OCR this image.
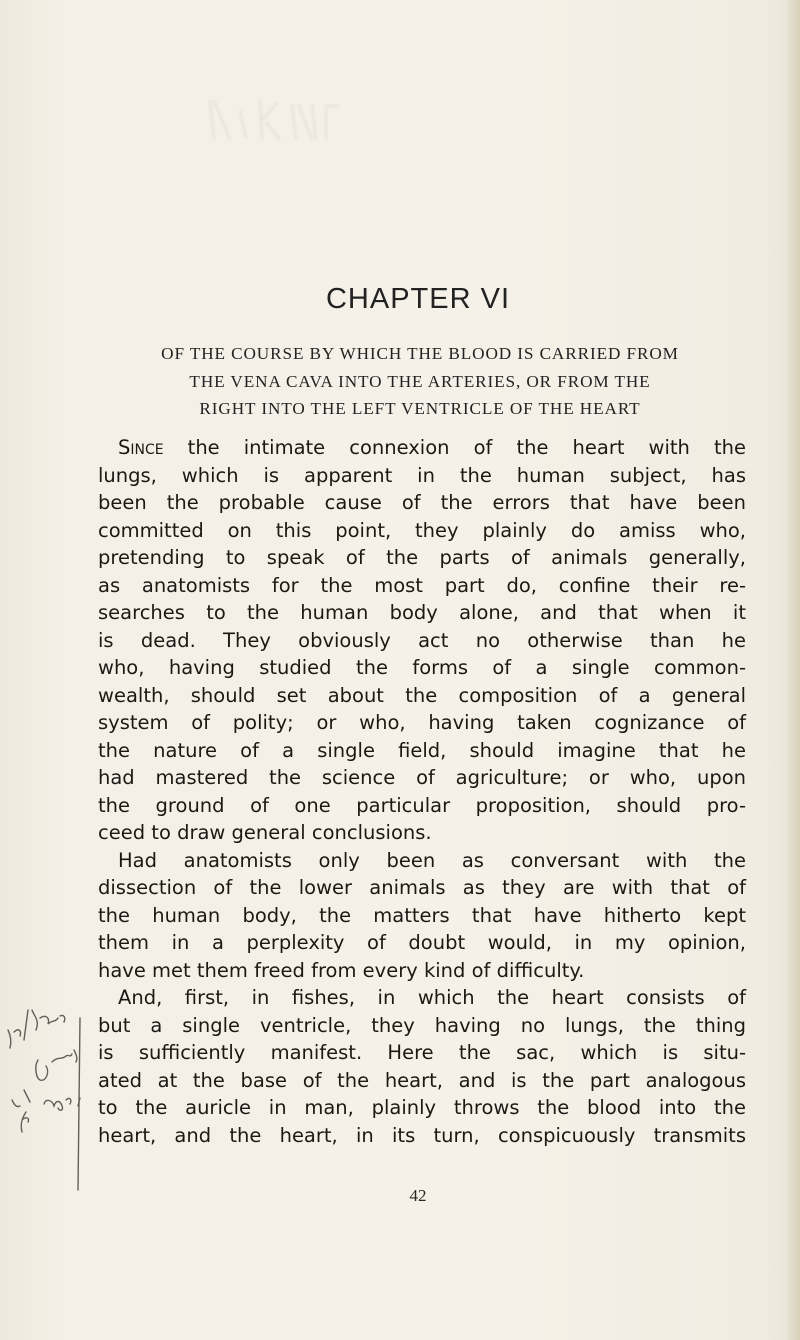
CHAPTER VI
OF THE COURSE BY WHICH THE BLOOD IS CARRIED FROM
THE VENA CAVA INTO THE ARTERIES, OR FROM THE
RIGHT INTO THE LEFT VENTRICLE OF THE HEART
Since the intimate connexion of the heart with the
lungs, which is apparent in the human subject, has
been the probable cause of the errors that have been
committed on this point, they plainly do amiss who,
pretending to speak of the parts of animals generally,
as anatomists for the most part do, confine their re-
searches to the human body alone, and that when it
is dead. They obviously act no otherwise than he
who, having studied the forms of a single common-
wealth, should set about the composition of a general
system of polity; or who, having taken cognizance of
the nature of a single field, should imagine that he
had mastered the science of agriculture; or who, upon
the ground of one particular proposition, should pro-
ceed to draw general conclusions.
Had anatomists only been as conversant with the
dissection of the lower animals as they are with that of
the human body, the matters that have hitherto kept
them in a perplexity of doubt would, in my opinion,
have met them freed from every kind of difficulty.
And, first, in fishes, in which the heart consists of
but a single ventricle, they having no lungs, the thing
is sufficiently manifest. Here the sac, which is situ-
ated at the base of the heart, and is the part analogous
to the auricle in man, plainly throws the blood into the
heart, and the heart, in its turn, conspicuously transmits
42
